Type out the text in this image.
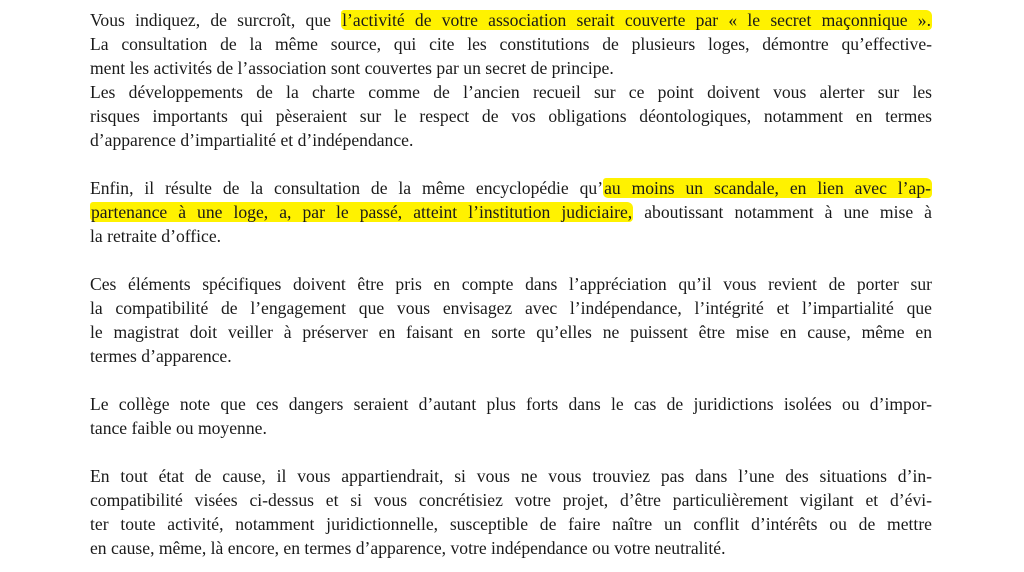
Vous indiquez, de surcroît, que l’activité de votre association serait couverte par « le secret maçonnique ».
La consultation de la même source, qui cite les constitutions de plusieurs loges, démontre qu’effective-
ment les activités de l’association sont couvertes par un secret de principe.
Les développements de la charte comme de l’ancien recueil sur ce point doivent vous alerter sur les
risques importants qui pèseraient sur le respect de vos obligations déontologiques, notamment en termes
d’apparence d’impartialité et d’indépendance.
Enfin, il résulte de la consultation de la même encyclopédie qu’au moins un scandale, en lien avec l’ap-
partenance à une loge, a, par le passé, atteint l’institution judiciaire, aboutissant notamment à une mise à
la retraite d’office.
Ces éléments spécifiques doivent être pris en compte dans l’appréciation qu’il vous revient de porter sur
la compatibilité de l’engagement que vous envisagez avec l’indépendance, l’intégrité et l’impartialité que
le magistrat doit veiller à préserver en faisant en sorte qu’elles ne puissent être mise en cause, même en
termes d’apparence.
Le collège note que ces dangers seraient d’autant plus forts dans le cas de juridictions isolées ou d’impor-
tance faible ou moyenne.
En tout état de cause, il vous appartiendrait, si vous ne vous trouviez pas dans l’une des situations d’in-
compatibilité visées ci-dessus et si vous concrétisiez votre projet, d’être particulièrement vigilant et d’évi-
ter toute activité, notamment juridictionnelle, susceptible de faire naître un conflit d’intérêts ou de mettre
en cause, même, là encore, en termes d’apparence, votre indépendance ou votre neutralité.
